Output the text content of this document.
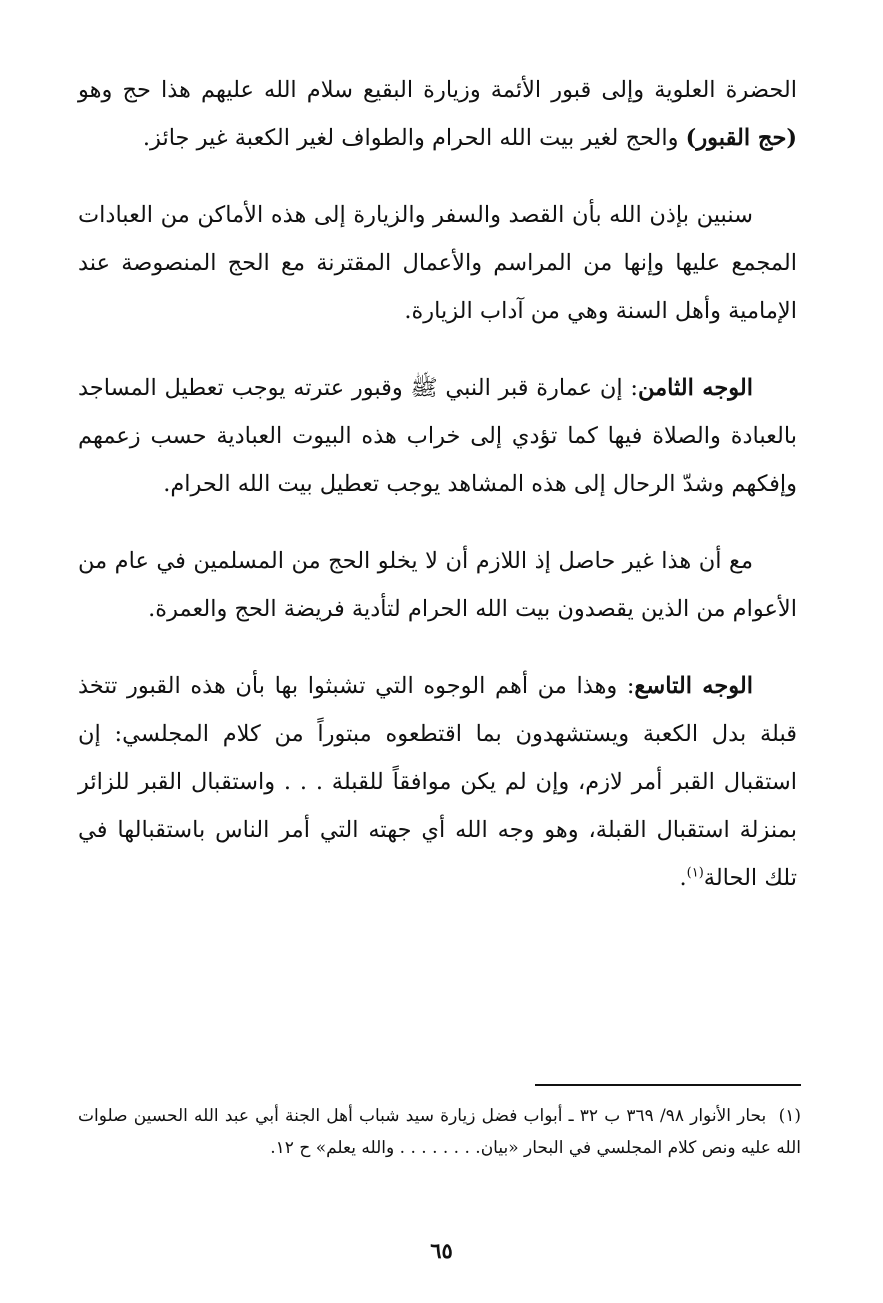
الحضرة العلوية وإلى قبور الأئمة وزيارة البقيع سلام الله عليهم هذا حج وهو (حج القبور) والحج لغير بيت الله الحرام والطواف لغير الكعبة غير جائز.

سنبين بإذن الله بأن القصد والسفر والزيارة إلى هذه الأماكن من العبادات المجمع عليها وإنها من المراسم والأعمال المقترنة مع الحج المنصوصة عند الإمامية وأهل السنة وهي من آداب الزيارة.

الوجه الثامن: إن عمارة قبر النبي ﷺ وقبور عترته يوجب تعطيل المساجد بالعبادة والصلاة فيها كما تؤدي إلى خراب هذه البيوت العبادية حسب زعمهم وإفكهم وشدّ الرحال إلى هذه المشاهد يوجب تعطيل بيت الله الحرام.

مع أن هذا غير حاصل إذ اللازم أن لا يخلو الحج من المسلمين في عام من الأعوام من الذين يقصدون بيت الله الحرام لتأدية فريضة الحج والعمرة.

الوجه التاسع: وهذا من أهم الوجوه التي تشبثوا بها بأن هذه القبور تتخذ قبلة بدل الكعبة ويستشهدون بما اقتطعوه مبتوراً من كلام المجلسي: إن استقبال القبر أمر لازم، وإن لم يكن موافقاً للقبلة . . . واستقبال القبر للزائر بمنزلة استقبال القبلة، وهو وجه الله أي جهته التي أمر الناس باستقبالها في تلك الحالة$^{(١)}$.

(١)  بحار الأنوار ٩٨/ ٣٦٩ ب ٣٢ ـ أبواب فضل زيارة سيد شباب أهل الجنة أبي عبد الله الحسين صلوات الله عليه ونص كلام المجلسي في البحار «بيان. . . . . . . . والله يعلم» ح ١٢.
٦٥
